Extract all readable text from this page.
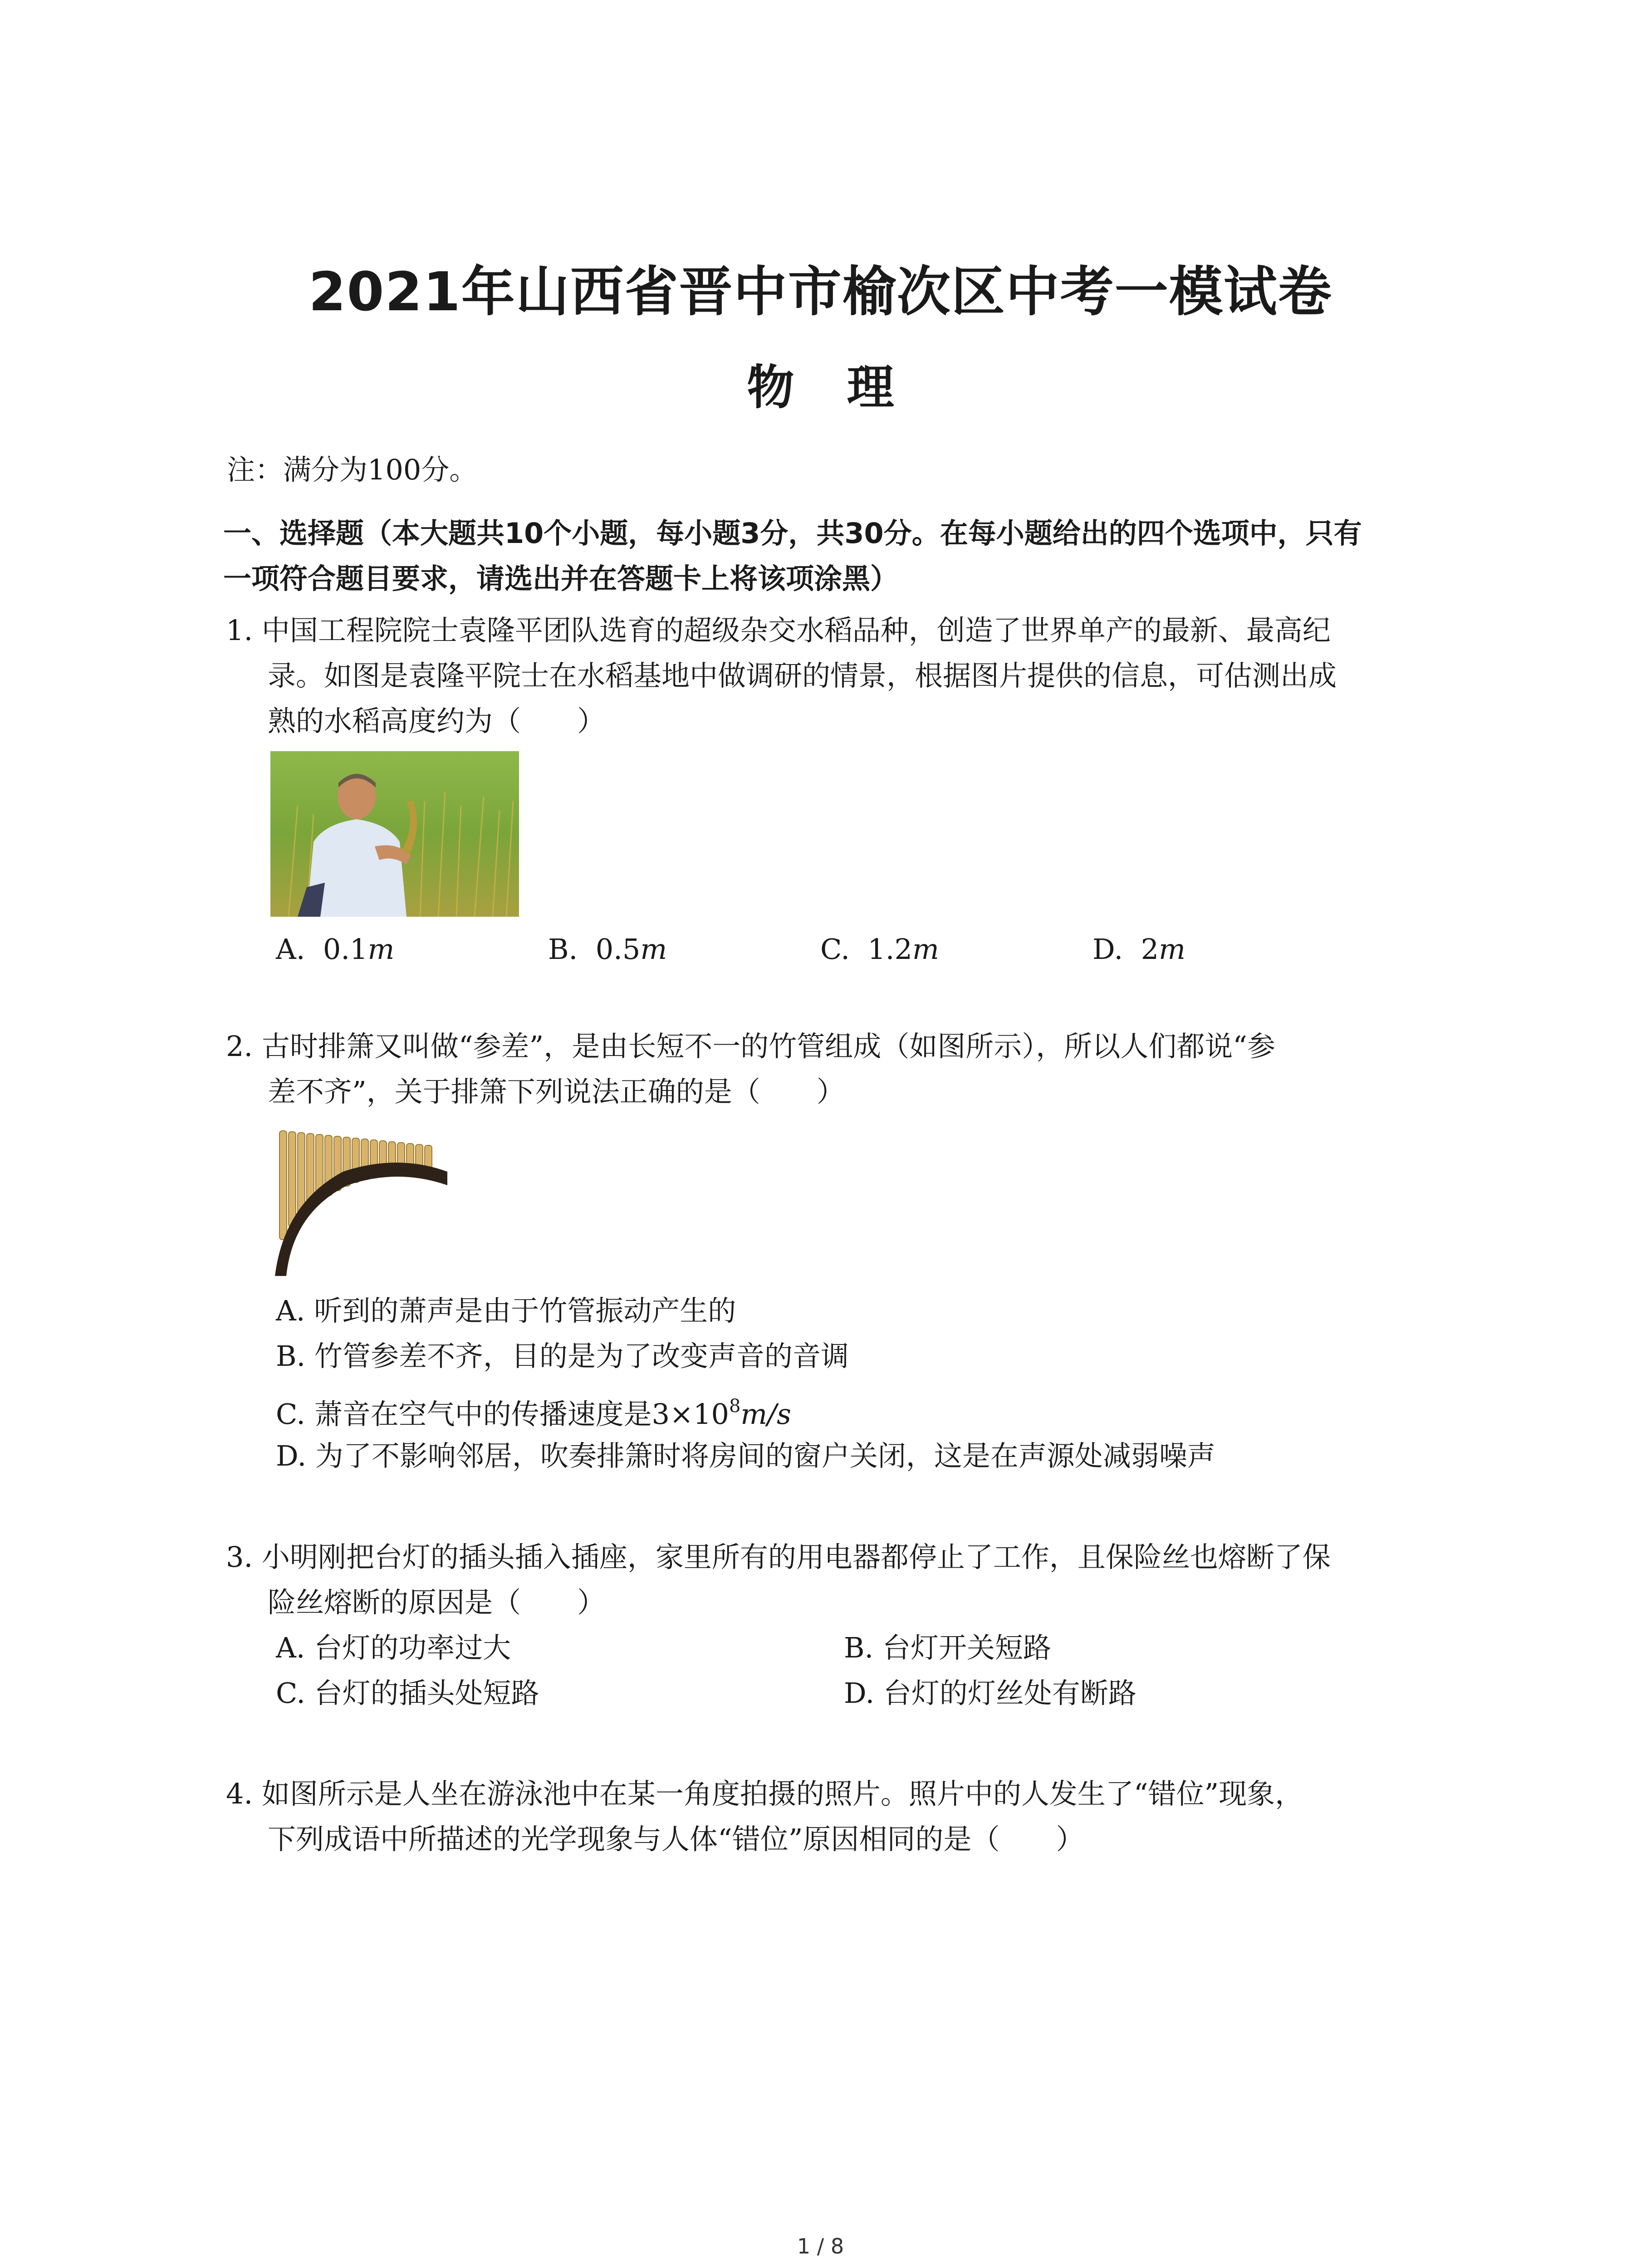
2021年山西省晋中市榆次区中考一模试卷
物 理
注：满分为100分。
一、选择题（本大题共10个小题，每小题3分，共30分。在每小题给出的四个选项中，只有
一项符合题目要求，请选出并在答题卡上将该项涂黑）
1. 中国工程院院士袁隆平团队选育的超级杂交水稻品种，创造了世界单产的最新、最高纪
录。如图是袁隆平院士在水稻基地中做调研的情景，根据图片提供的信息，可估测出成
熟的水稻高度约为（　　）
A. 0.1m	B. 0.5m	C. 1.2m	D. 2m
2. 古时排箫又叫做“参差”，是由长短不一的竹管组成（如图所示），所以人们都说“参
差不齐”，关于排箫下列说法正确的是（　　）
A. 听到的萧声是由于竹管振动产生的
B. 竹管参差不齐，目的是为了改变声音的音调
C. 萧音在空气中的传播速度是$3\times 10^8m/s$
D. 为了不影响邻居，吹奏排箫时将房间的窗户关闭，这是在声源处减弱噪声
3. 小明刚把台灯的插头插入插座，家里所有的用电器都停止了工作，且保险丝也熔断了保
险丝熔断的原因是（　　）
A. 台灯的功率过大	B. 台灯开关短路
C. 台灯的插头处短路	D. 台灯的灯丝处有断路
4. 如图所示是人坐在游泳池中在某一角度拍摄的照片。照片中的人发生了“错位”现象，
下列成语中所描述的光学现象与人体“错位”原因相同的是（　　）
1 / 8
